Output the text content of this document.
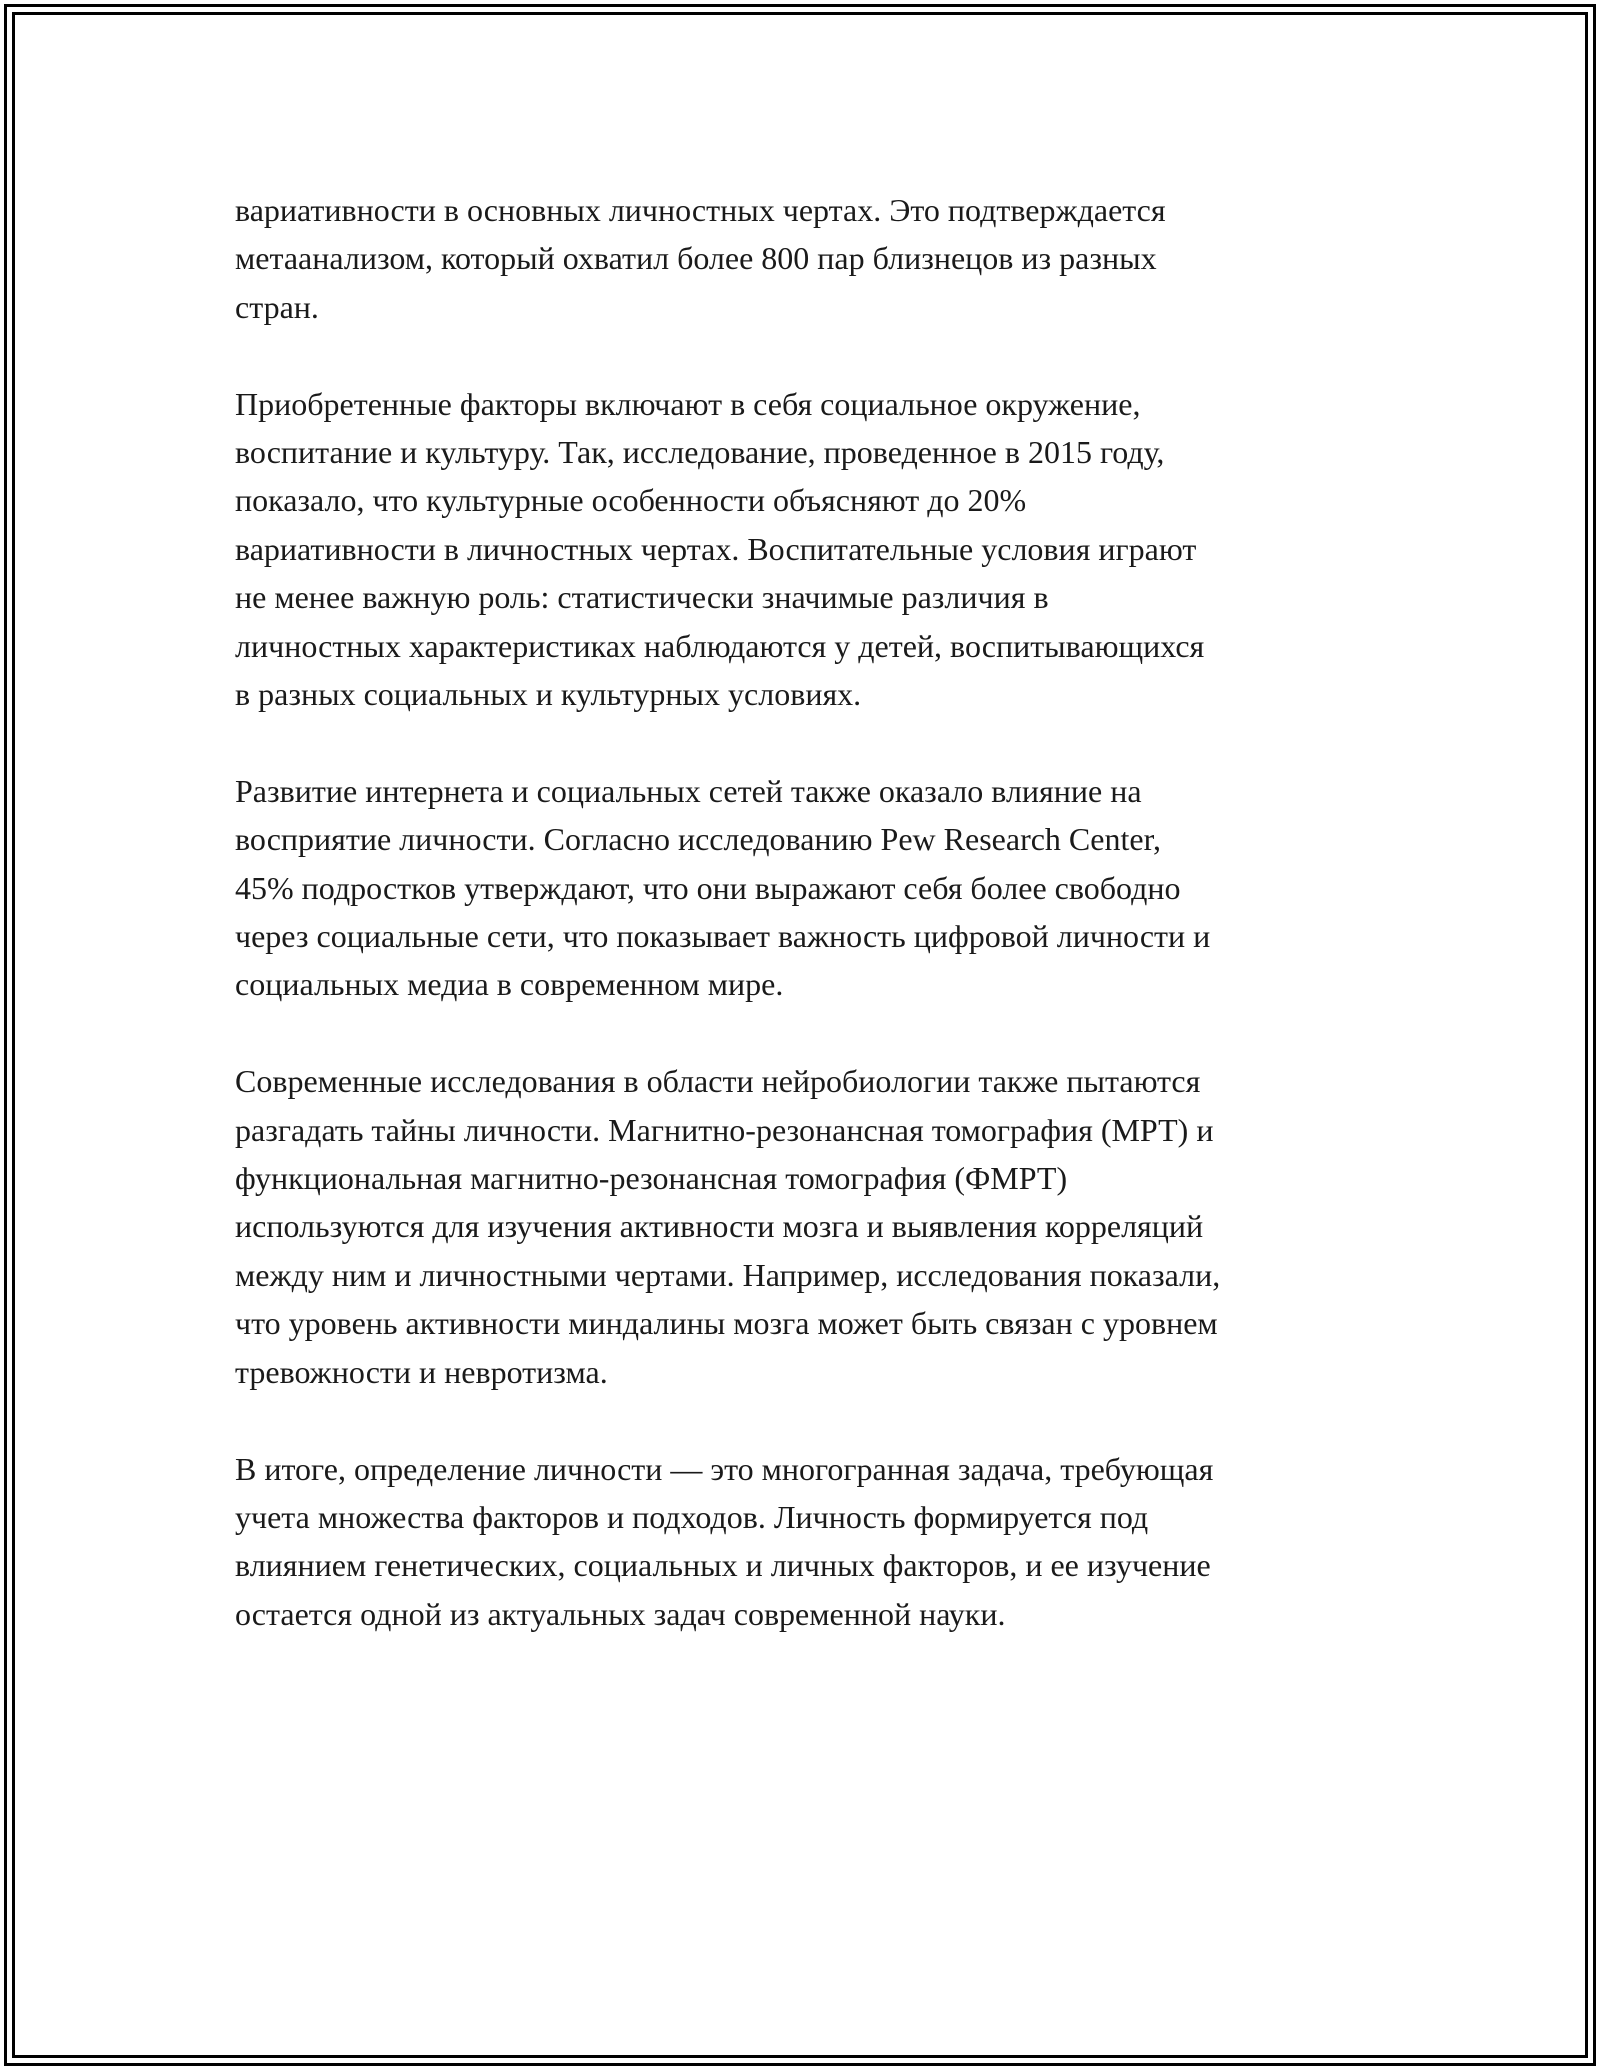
вариативности в основных личностных чертах. Это подтверждается
метаанализом, который охватил более 800 пар близнецов из разных
стран.

Приобретенные факторы включают в себя социальное окружение,
воспитание и культуру. Так, исследование, проведенное в 2015 году,
показало, что культурные особенности объясняют до 20%
вариативности в личностных чертах. Воспитательные условия играют
не менее важную роль: статистически значимые различия в
личностных характеристиках наблюдаются у детей, воспитывающихся
в разных социальных и культурных условиях.

Развитие интернета и социальных сетей также оказало влияние на
восприятие личности. Согласно исследованию Pew Research Center,
45% подростков утверждают, что они выражают себя более свободно
через социальные сети, что показывает важность цифровой личности и
социальных медиа в современном мире.

Современные исследования в области нейробиологии также пытаются
разгадать тайны личности. Магнитно-резонансная томография (МРТ) и
функциональная магнитно-резонансная томография (ФМРТ)
используются для изучения активности мозга и выявления корреляций
между ним и личностными чертами. Например, исследования показали,
что уровень активности миндалины мозга может быть связан с уровнем
тревожности и невротизма.

В итоге, определение личности — это многогранная задача, требующая
учета множества факторов и подходов. Личность формируется под
влиянием генетических, социальных и личных факторов, и ее изучение
остается одной из актуальных задач современной науки.
